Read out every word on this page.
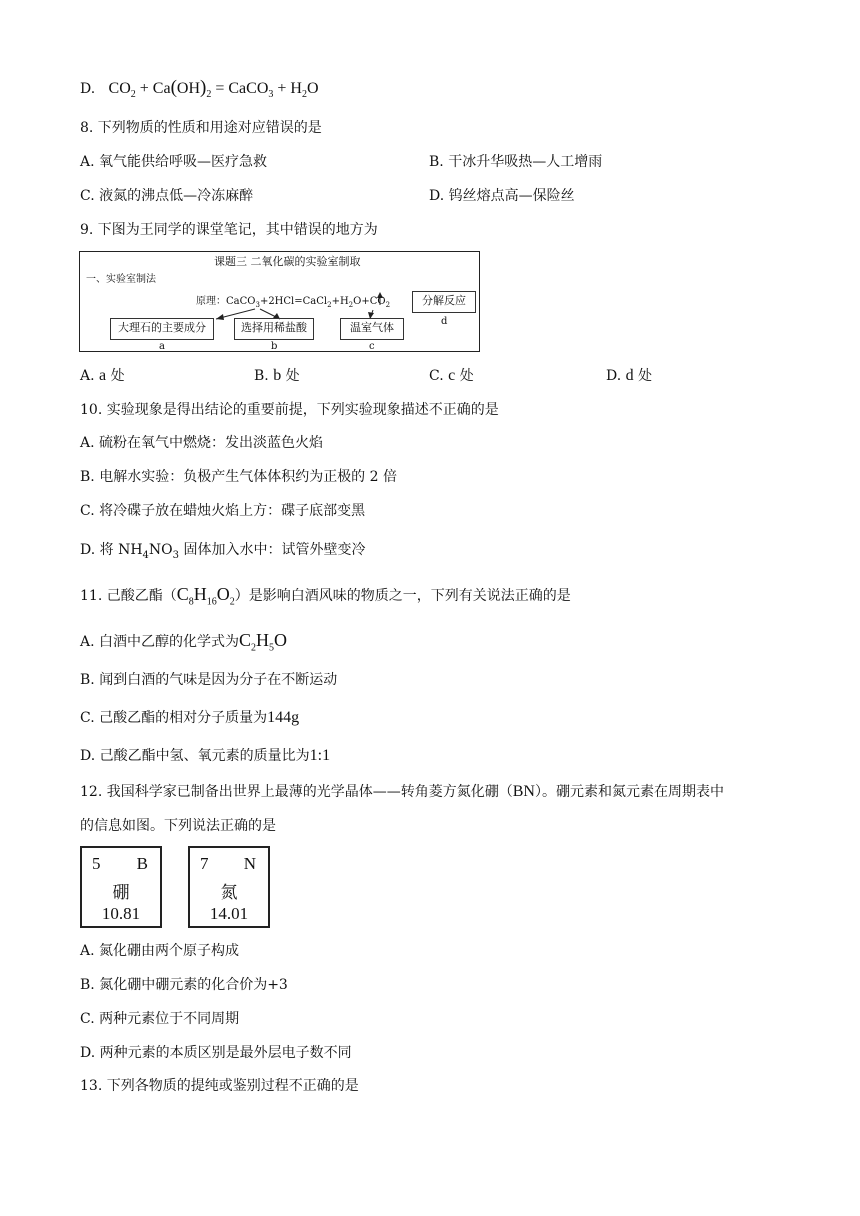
D. $CO_2 + Ca(OH)_2$ = CaCO$_3$ + $H_2O$
8. 下列物质的性质和用途对应错误的是
A. 氧气能供给呼吸—医疗急救	B. 干冰升华吸热—人工增雨
C. 液氮的沸点低—冷冻麻醉	D. 钨丝熔点高—保险丝
9. 下图为王同学的课堂笔记，其中错误的地方为
课题三 二氧化碳的实验室制取
一、实验室制法
原理：$CaCO_3+2HCl=CaCl_2+H_2O+CO_2$
大理石的主要成分	选择用稀盐酸	温室气体
分解反应
a	b	c
d
A. a 处	B. b 处	C. c 处	D. d 处
10. 实验现象是得出结论的重要前提，下列实验现象描述不正确的是
A. 硫粉在氧气中燃烧：发出淡蓝色火焰
B. 电解水实验：负极产生气体体积约为正极的 2 倍
C. 将冷碟子放在蜡烛火焰上方：碟子底部变黑
D. 将 $NH_4NO_3$ 固体加入水中：试管外壁变冷
11. 己酸乙酯$(C_8H_{16}O_2)$是影响白酒风味的物质之一，下列有关说法正确的是
A. 白酒中乙醇的化学式为$C_2H_5O$
B. 闻到白酒的气味是因为分子在不断运动
C. 己酸乙酯的相对分子质量为144g
D. 己酸乙酯中氢、氧元素的质量比为1:1
12. 我国科学家已制备出世界上最薄的光学晶体——转角菱方氮化硼（BN）。硼元素和氮元素在周期表中
的信息如图。下列说法正确的是
5 B
硼
10.81
7 N
氮
14.01
A. 氮化硼由两个原子构成
B. 氮化硼中硼元素的化合价为+3
C. 两种元素位于不同周期
D. 两种元素的本质区别是最外层电子数不同
13. 下列各物质的提纯或鉴别过程不正确的是
